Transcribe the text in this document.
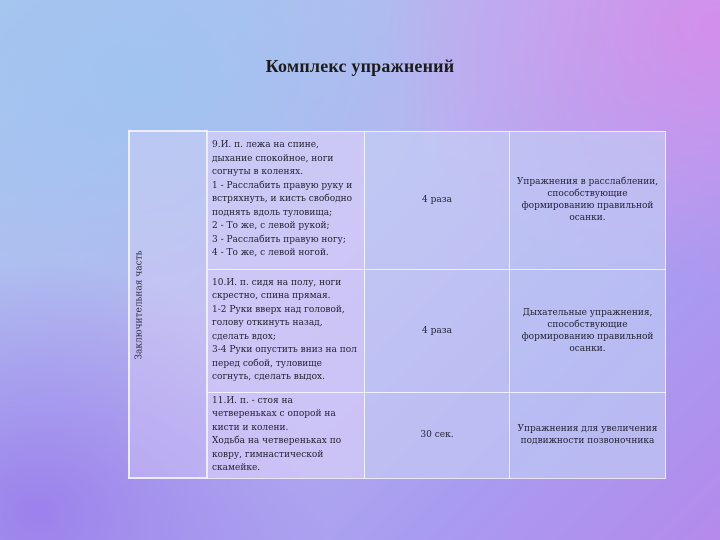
Комплекс упражнений
Заключительная часть	9.И. п. лежа на спине, дыхание спокойное, ноги согнуты в коленях.
1 - Расслабить правую руку и встряхнуть, и кисть свободно поднять вдоль туловища;
2 - То же, с левой рукой;
3 - Расслабить правую ногу;
4 - То же, с левой ногой.	4 раза	Упражнения в расслаблении, способствующие формированию правильной осанки.

	10.И. п. сидя на полу, ноги скрестно, спина прямая.
1-2 Руки вверх над головой, голову откинуть назад, сделать вдох;
3-4 Руки опустить вниз на пол перед собой, туловище согнуть, сделать выдох.	4 раза	Дыхательные упражнения, способствующие формированию правильной осанки.

	11.И. п. - стоя на четвереньках с опорой на кисти и колени.
Ходьба на четвереньках по ковру, гимнастической скамейке.	30 сек.	Упражнения для увеличения подвижности позвоночника
